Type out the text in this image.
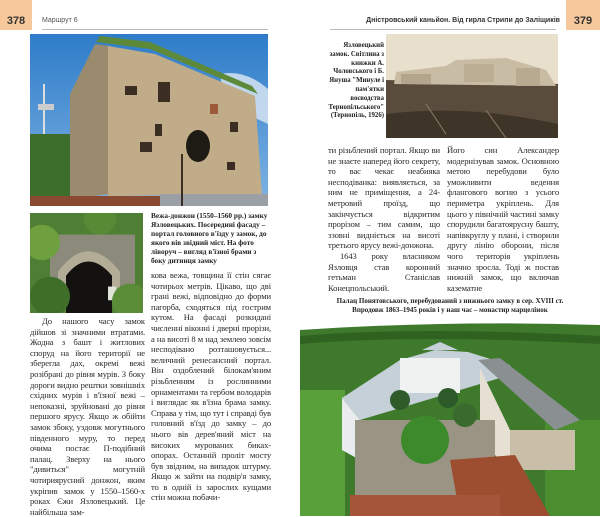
378	Маршрут 6
Вежа-донжон (1550–1560 рр.) замку Язловецьких. Посередині фасаду – портал головного в'їзду у замок, до якого вів звідний міст. На фото ліворуч – вигляд в'їзної брами з боку дитинця замку

До нашого часу замок дійшов зі значними втратами. Жодна з башт і житлових споруд на його території не зберегла дах, окремі вежі розібрані до рівня мурів. З боку дороги видно рештки зовнішніх східних мурів і в'їзної вежі – непоказні, зруйновані до рівня першого ярусу. Якщо ж обійти замок збоку, уздовж могутнього південного муру, то перед очима постає П-подібний палац. Зверху на нього "дивиться" могутній чотириярусний донжон, яким укріпив замок у 1550–1560-х роках Єжи Язловецький. Це найбільша зам-

кова вежа, товщина її стін сягає чотирьох метрів. Цікаво, що дві грані вежі, відповідно до форми пагорба, сходяться під гострим кутом. На фасаді розкидані численні віконні і дверні прорізи, а на висоті 8 м над землею зовсім несподівано розташовується... величний ренесансний портал. Він оздоблений білокам'яним різьбленням із рослинними орнаментами та гербом володарів і виглядає як в'їзна брама замку. Справа у тім, що тут і справді був головний в'їзд до замку – до нього вів дерев'яний міст на високих мурованих биках-опорах. Останній проліт мосту був звідним, на випадок штурму. Якщо ж зайти на подвір'я замку, то в одній із зарослих кущами стін можна побачи-

379
Дністровський каньйон. Від гирла Стрипи до Заліщиків
Язловецький замок. Світлина з книжки А. Чоловського і Б. Януша "Минуле і пам'ятки воєводства Тернопільського" (Тернопіль, 1926)

ти різьблений портал. Якщо ви не знаєте наперед його секрету, то вас чекає неабияка несподіванка: виявляється, за ним не приміщення, а 24-метровий проїзд, що закінчується відкритим прорізом – тим самим, що ззовні видніється на висоті третього ярусу вежі-донжона.

1643 року власником Язловця став коронний гетьман Станіслав Конецпольський.

Його син Александер модернізував замок. Основною метою перебудови було уможливити ведення флангового вогню з усього периметра укріплень. Для цього у північній частині замку спорудили багатоярусну башту, напівкруглу у плані, і створили другу лінію оборони, після чого територія укріплень значно зросла. Тоді ж постав нижній замок, що включав казематне

Палац Понятовського, перебудований з нижнього замку в сер. XVIII ст.
Впродовж 1863–1945 років і у наш час – монастир марцелінок
